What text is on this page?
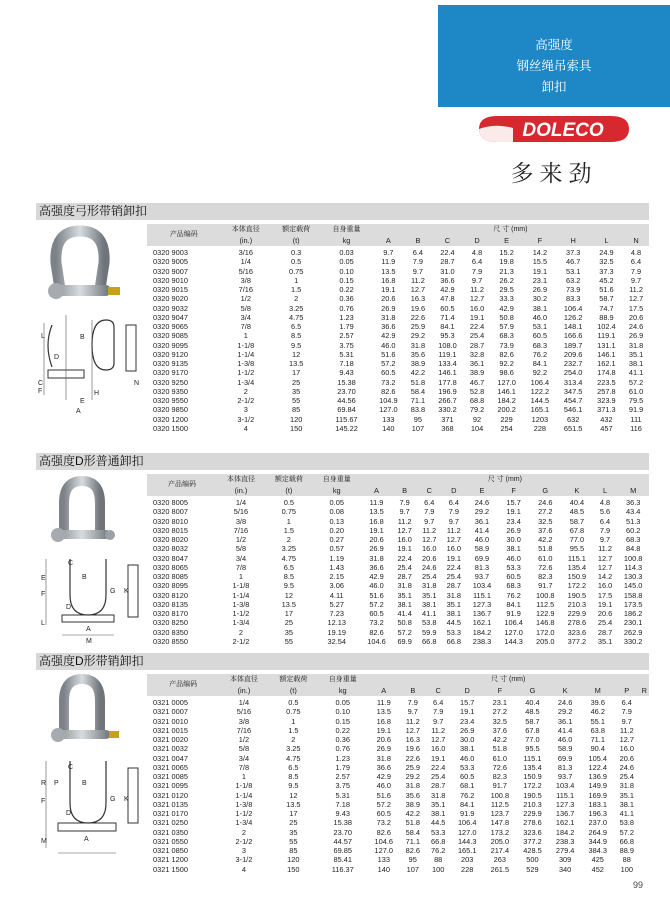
高强度
钢丝绳吊索具
卸扣
DOLECO
多来劲
高强度弓形带销卸扣
L	B
D
C
F	H
E
A
N
产品编码	本体直径	额定载荷	自身重量	尺 寸 (mm)								
	(in.)	(t)	kg	A	B	C	D	E	F	H	L	N
0320 9003	3/16	0.3	0.03	9.7	6.4	22.4	4.8	15.2	14.2	37.3	24.9	4.8
0320 9005	1/4	0.5	0.05	11.9	7.9	28.7	6.4	19.8	15.5	46.7	32.5	6.4
0320 9007	5/16	0.75	0.10	13.5	9.7	31.0	7.9	21.3	19.1	53.1	37.3	7.9
0320 9010	3/8	1	0.15	16.8	11.2	36.6	9.7	26.2	23.1	63.2	45.2	9.7
0320 9015	7/16	1.5	0.22	19.1	12.7	42.9	11.2	29.5	26.9	73.9	51.6	11.2
0320 9020	1/2	2	0.36	20.6	16.3	47.8	12.7	33.3	30.2	83.3	58.7	12.7
0320 9032	5/8	3.25	0.76	26.9	19.6	60.5	16.0	42.9	38.1	106.4	74.7	17.5
0320 9047	3/4	4.75	1.23	31.8	22.6	71.4	19.1	50.8	46.0	126.2	88.9	20.6
0320 9065	7/8	6.5	1.79	36.6	25.9	84.1	22.4	57.9	53.1	148.1	102.4	24.6
0320 9085	1	8.5	2.57	42.9	29.2	95.3	25.4	68.3	60.5	166.6	119.1	26.9
0320 9095	1-1/8	9.5	3.75	46.0	31.8	108.0	28.7	73.9	68.3	189.7	131.1	31.8
0320 9120	1-1/4	12	5.31	51.6	35.6	119.1	32.8	82.6	76.2	209.6	146.1	35.1
0320 9135	1-3/8	13.5	7.18	57.2	38.9	133.4	36.1	92.2	84.1	232.7	162.1	38.1
0320 9170	1-1/2	17	9.43	60.5	42.2	146.1	38.9	98.6	92.2	254.0	174.8	41.1
0320 9250	1-3/4	25	15.38	73.2	51.8	177.8	46.7	127.0	106.4	313.4	223.5	57.2
0320 9350	2	35	23.70	82.6	58.4	196.9	52.8	146.1	122.2	347.5	257.8	61.0
0320 9550	2-1/2	55	44.56	104.9	71.1	266.7	68.8	184.2	144.5	454.7	323.9	79.5
0320 9850	3	85	69.84	127.0	83.8	330.2	79.2	200.2	165.1	546.1	371.3	91.9
0320 1200	3-1/2	120	115.67	133	95	371	92	229	1203	632	432	111
0320 1500	4	150	145.22	140	107	368	104	254	228	651.5	457	116
高强度D形普通卸扣
C
E	B
F
D
K
G
L
A
M
产品编码	本体直径	额定载荷	自身重量	尺 寸 (mm)									
	(in.)	(t)	kg	A	B	C	D	E	F	G	K	L	M
0320 8005	1/4	0.5	0.05	11.9	7.9	6.4	6.4	24.6	15.7	24.6	40.4	4.8	36.3
0320 8007	5/16	0.75	0.08	13.5	9.7	7.9	7.9	29.2	19.1	27.2	48.5	5.6	43.4
0320 8010	3/8	1	0.13	16.8	11.2	9.7	9.7	36.1	23.4	32.5	58.7	6.4	51.3
0320 8015	7/16	1.5	0.20	19.1	12.7	11.2	11.2	41.4	26.9	37.6	67.8	7.9	60.2
0320 8020	1/2	2	0.27	20.6	16.0	12.7	12.7	46.0	30.0	42.2	77.0	9.7	68.3
0320 8032	5/8	3.25	0.57	26.9	19.1	16.0	16.0	58.9	38.1	51.8	95.5	11.2	84.8
0320 8047	3/4	4.75	1.19	31.8	22.4	20.6	19.1	69.9	46.0	61.0	115.1	12.7	100.8
0320 8065	7/8	6.5	1.43	36.6	25.4	24.6	22.4	81.3	53.3	72.6	135.4	12.7	114.3
0320 8085	1	8.5	2.15	42.9	28.7	25.4	25.4	93.7	60.5	82.3	150.9	14.2	130.3
0320 8095	1-1/8	9.5	3.06	46.0	31.8	31.8	28.7	103.4	68.3	91.7	172.2	16.0	145.0
0320 8120	1-1/4	12	4.11	51.6	35.1	35.1	31.8	115.1	76.2	100.8	190.5	17.5	158.8
0320 8135	1-3/8	13.5	5.27	57.2	38.1	38.1	35.1	127.3	84.1	112.5	210.3	19.1	173.5
0320 8170	1-1/2	17	7.23	60.5	41.4	41.1	38.1	136.7	91.9	122.9	229.9	20.6	186.2
0320 8250	1-3/4	25	12.13	73.2	50.8	53.8	44.5	162.1	106.4	146.8	278.6	25.4	230.1
0320 8350	2	35	19.19	82.6	57.2	59.9	53.3	184.2	127.0	172.0	323.6	28.7	262.9
0320 8550	2-1/2	55	32.54	104.6	69.9	66.8	66.8	238.3	144.3	205.0	377.2	35.1	330.2
高强度D形带销卸扣
C
R P
F
B
K
M	A
D
G
产品编码	本体直径	额定载荷	自身重量	尺 寸 (mm)									
	(in.)	(t)	kg	A	B	C	D	F	G	K	M	P	R
0321 0005	1/4	0.5	0.05	11.9	7.9	6.4	15.7	23.1	40.4	24.6	39.6	6.4	
0321 0007	5/16	0.75	0.10	13.5	9.7	7.9	19.1	27.2	48.5	29.2	46.2	7.9	
0321 0010	3/8	1	0.15	16.8	11.2	9.7	23.4	32.5	58.7	36.1	55.1	9.7	
0321 0015	7/16	1.5	0.22	19.1	12.7	11.2	26.9	37.6	67.8	41.4	63.8	11.2	
0321 0020	1/2	2	0.36	20.6	16.3	12.7	30.0	42.2	77.0	46.0	71.1	12.7	
0321 0032	5/8	3.25	0.76	26.9	19.6	16.0	38.1	51.8	95.5	58.9	90.4	16.0	
0321 0047	3/4	4.75	1.23	31.8	22.6	19.1	46.0	61.0	115.1	69.9	105.4	20.6	
0321 0065	7/8	6.5	1.79	36.6	25.9	22.4	53.3	72.6	135.4	81.3	122.4	24.6	
0321 0085	1	8.5	2.57	42.9	29.2	25.4	60.5	82.3	150.9	93.7	136.9	25.4	
0321 0095	1-1/8	9.5	3.75	46.0	31.8	28.7	68.1	91.7	172.2	103.4	149.9	31.8	
0321 0120	1-1/4	12	5.31	51.6	35.6	31.8	76.2	100.8	190.5	115.1	169.9	35.1	
0321 0135	1-3/8	13.5	7.18	57.2	38.9	35.1	84.1	112.5	210.3	127.3	183.1	38.1	
0321 0170	1-1/2	17	9.43	60.5	42.2	38.1	91.9	123.7	229.9	136.7	196.3	41.1	
0321 0250	1-3/4	25	15.38	73.2	51.8	44.5	106.4	147.8	278.6	162.1	237.0	53.8	
0321 0350	2	35	23.70	82.6	58.4	53.3	127.0	173.2	323.6	184.2	264.9	57.2	
0321 0550	2-1/2	55	44.57	104.6	71.1	66.8	144.3	205.0	377.2	238.3	344.9	66.8	
0321 0850	3	85	69.85	127.0	82.6	76.2	165.1	217.4	428.5	279.4	384.3	88.9	
0321 1200	3-1/2	120	85.41	133	95	88	203	263	500	309	425	88	
0321 1500	4	150	116.37	140	107	100	228	261.5	529	340	452	100	
99
